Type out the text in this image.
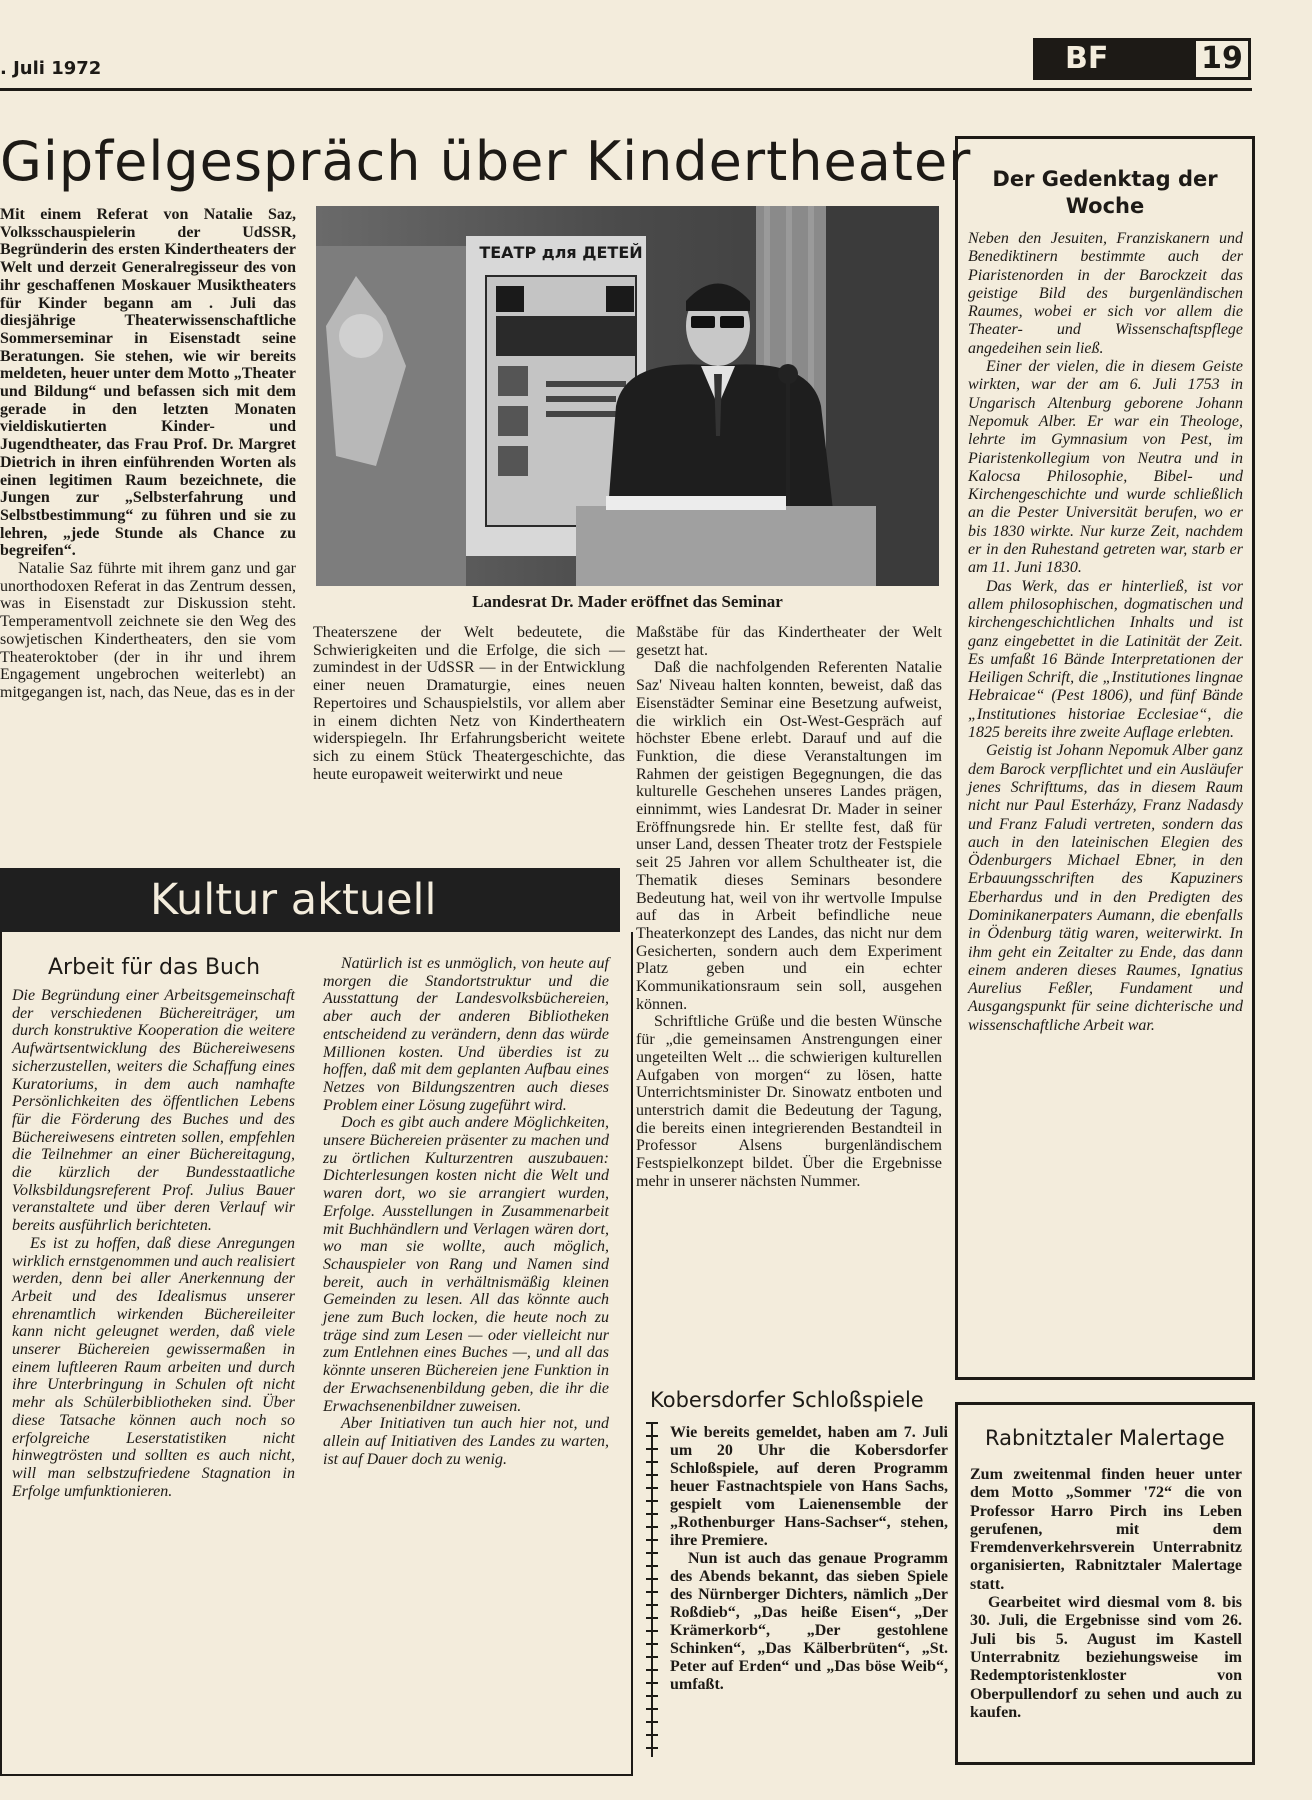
. Juli 1972	BF	19
Gipfelgespräch über Kindertheater

Mit einem Referat von Natalie Saz, Volksschauspielerin der UdSSR, Begründerin des ersten Kindertheaters der Welt und derzeit Generalregisseur des von ihr geschaffenen Moskauer Musiktheaters für Kinder begann am . Juli das diesjährige Theaterwissenschaftliche Sommerseminar in Eisenstadt seine Beratungen. Sie stehen, wie wir bereits meldeten, heuer unter dem Motto „Theater und Bildung“ und befassen sich mit dem gerade in den letzten Monaten vieldiskutierten Kinder- und Jugendtheater, das Frau Prof. Dr. Margret Dietrich in ihren einführenden Worten als einen legitimen Raum bezeichnete, die Jungen zur „Selbsterfahrung und Selbstbestimmung“ zu führen und sie zu lehren, „jede Stunde als Chance zu begreifen“.

Natalie Saz führte mit ihrem ganz und gar unorthodoxen Referat in das Zentrum dessen, was in Eisenstadt zur Diskussion steht. Temperamentvoll zeichnete sie den Weg des sowjetischen Kindertheaters, den sie vom Theateroktober (der in ihr und ihrem Engagement ungebrochen weiterlebt) an mitgegangen ist, nach, das Neue, das es in der

ТЕАТР для ДЕТЕЙ
Landesrat Dr. Mader eröffnet das Seminar

Theaterszene der Welt bedeutete, die Schwierigkeiten und die Erfolge, die sich — zumindest in der UdSSR — in der Entwicklung einer neuen Dramaturgie, eines neuen Repertoires und Schauspielstils, vor allem aber in einem dichten Netz von Kindertheatern widerspiegeln. Ihr Erfahrungsbericht weitete sich zu einem Stück Theatergeschichte, das heute europaweit weiterwirkt und neue

Maßstäbe für das Kindertheater der Welt gesetzt hat.

Daß die nachfolgenden Referenten Natalie Saz' Niveau halten konnten, beweist, daß das Eisenstädter Seminar eine Besetzung aufweist, die wirklich ein Ost-West-Gespräch auf höchster Ebene erlebt. Darauf und auf die Funktion, die diese Veranstaltungen im Rahmen der geistigen Begegnungen, die das kulturelle Geschehen unseres Landes prägen, einnimmt, wies Landesrat Dr. Mader in seiner Eröffnungsrede hin. Er stellte fest, daß für unser Land, dessen Theater trotz der Festspiele seit 25 Jahren vor allem Schultheater ist, die Thematik dieses Seminars besondere Bedeutung hat, weil von ihr wertvolle Impulse auf das in Arbeit befindliche neue Theaterkonzept des Landes, das nicht nur dem Gesicherten, sondern auch dem Experiment Platz geben und ein echter Kommunikationsraum sein soll, ausgehen können.

Schriftliche Grüße und die besten Wünsche für „die gemeinsamen Anstrengungen einer ungeteilten Welt ... die schwierigen kulturellen Aufgaben von morgen“ zu lösen, hatte Unterrichtsminister Dr. Sinowatz entboten und unterstrich damit die Bedeutung der Tagung, die bereits einen integrierenden Bestandteil in Professor Alsens burgenländischem Festspielkonzept bildet. Über die Ergebnisse mehr in unserer nächsten Nummer.

Der Gedenktag der Woche

Neben den Jesuiten, Franziskanern und Benediktinern bestimmte auch der Piaristenorden in der Barockzeit das geistige Bild des burgenländischen Raumes, wobei er sich vor allem die Theater- und Wissenschaftspflege angedeihen sein ließ.

Einer der vielen, die in diesem Geiste wirkten, war der am 6. Juli 1753 in Ungarisch Altenburg geborene Johann Nepomuk Alber. Er war ein Theologe, lehrte im Gymnasium von Pest, im Piaristenkollegium von Neutra und in Kalocsa Philosophie, Bibel- und Kirchengeschichte und wurde schließlich an die Pester Universität berufen, wo er bis 1830 wirkte. Nur kurze Zeit, nachdem er in den Ruhestand getreten war, starb er am 11. Juni 1830.

Das Werk, das er hinterließ, ist vor allem philosophischen, dogmatischen und kirchengeschichtlichen Inhalts und ist ganz eingebettet in die Latinität der Zeit. Es umfaßt 16 Bände Interpretationen der Heiligen Schrift, die „Institutiones lingnae Hebraicae“ (Pest 1806), und fünf Bände „Institutiones historiae Ecclesiae“, die 1825 bereits ihre zweite Auflage erlebten.

Geistig ist Johann Nepomuk Alber ganz dem Barock verpflichtet und ein Ausläufer jenes Schrifttums, das in diesem Raum nicht nur Paul Esterházy, Franz Nadasdy und Franz Faludi vertreten, sondern das auch in den lateinischen Elegien des Ödenburgers Michael Ebner, in den Erbauungsschriften des Kapuziners Eberhardus und in den Predigten des Dominikanerpaters Aumann, die ebenfalls in Ödenburg tätig waren, weiterwirkt. In ihm geht ein Zeitalter zu Ende, das dann einem anderen dieses Raumes, Ignatius Aurelius Feßler, Fundament und Ausgangspunkt für seine dichterische und wissenschaftliche Arbeit war.

Kultur aktuell
Arbeit für das Buch

Die Begründung einer Arbeitsgemeinschaft der verschiedenen Büchereiträger, um durch konstruktive Kooperation die weitere Aufwärtsentwicklung des Büchereiwesens sicherzustellen, weiters die Schaffung eines Kuratoriums, in dem auch namhafte Persönlichkeiten des öffentlichen Lebens für die Förderung des Buches und des Büchereiwesens eintreten sollen, empfehlen die Teilnehmer an einer Büchereitagung, die kürzlich der Bundesstaatliche Volksbildungsreferent Prof. Julius Bauer veranstaltete und über deren Verlauf wir bereits ausführlich berichteten.

Es ist zu hoffen, daß diese Anregungen wirklich ernstgenommen und auch realisiert werden, denn bei aller Anerkennung der Arbeit und des Idealismus unserer ehrenamtlich wirkenden Büchereileiter kann nicht geleugnet werden, daß viele unserer Büchereien gewissermaßen in einem luftleeren Raum arbeiten und durch ihre Unterbringung in Schulen oft nicht mehr als Schülerbibliotheken sind. Über diese Tatsache können auch noch so erfolgreiche Leserstatistiken nicht hinwegtrösten und sollten es auch nicht, will man selbstzufriedene Stagnation in Erfolge umfunktionieren.

Natürlich ist es unmöglich, von heute auf morgen die Standortstruktur und die Ausstattung der Landesvolksbüchereien, aber auch der anderen Bibliotheken entscheidend zu verändern, denn das würde Millionen kosten. Und überdies ist zu hoffen, daß mit dem geplanten Aufbau eines Netzes von Bildungszentren auch dieses Problem einer Lösung zugeführt wird.

Doch es gibt auch andere Möglichkeiten, unsere Büchereien präsenter zu machen und zu örtlichen Kulturzentren auszubauen: Dichterlesungen kosten nicht die Welt und waren dort, wo sie arrangiert wurden, Erfolge. Ausstellungen in Zusammenarbeit mit Buchhändlern und Verlagen wären dort, wo man sie wollte, auch möglich, Schauspieler von Rang und Namen sind bereit, auch in verhältnismäßig kleinen Gemeinden zu lesen. All das könnte auch jene zum Buch locken, die heute noch zu träge sind zum Lesen — oder vielleicht nur zum Entlehnen eines Buches —, und all das könnte unseren Büchereien jene Funktion in der Erwachsenenbildung geben, die ihr die Erwachsenenbildner zuweisen.

Aber Initiativen tun auch hier not, und allein auf Initiativen des Landes zu warten, ist auf Dauer doch zu wenig.

Kobersdorfer Schloßspiele

Wie bereits gemeldet, haben am 7. Juli um 20 Uhr die Kobersdorfer Schloßspiele, auf deren Programm heuer Fastnachtspiele von Hans Sachs, gespielt vom Laienensemble der „Rothenburger Hans-Sachser“, stehen, ihre Premiere.

Nun ist auch das genaue Programm des Abends bekannt, das sieben Spiele des Nürnberger Dichters, nämlich „Der Roßdieb“, „Das heiße Eisen“, „Der Krämerkorb“, „Der gestohlene Schinken“, „Das Kälberbrüten“, „St. Peter auf Erden“ und „Das böse Weib“, umfaßt.

Rabnitztaler Malertage

Zum zweitenmal finden heuer unter dem Motto „Sommer '72“ die von Professor Harro Pirch ins Leben gerufenen, mit dem Fremdenverkehrsverein Unterrabnitz organisierten, Rabnitztaler Malertage statt.

Gearbeitet wird diesmal vom 8. bis 30. Juli, die Ergebnisse sind vom 26. Juli bis 5. August im Kastell Unterrabnitz beziehungsweise im Redemptoristenkloster von Oberpullendorf zu sehen und auch zu kaufen.
